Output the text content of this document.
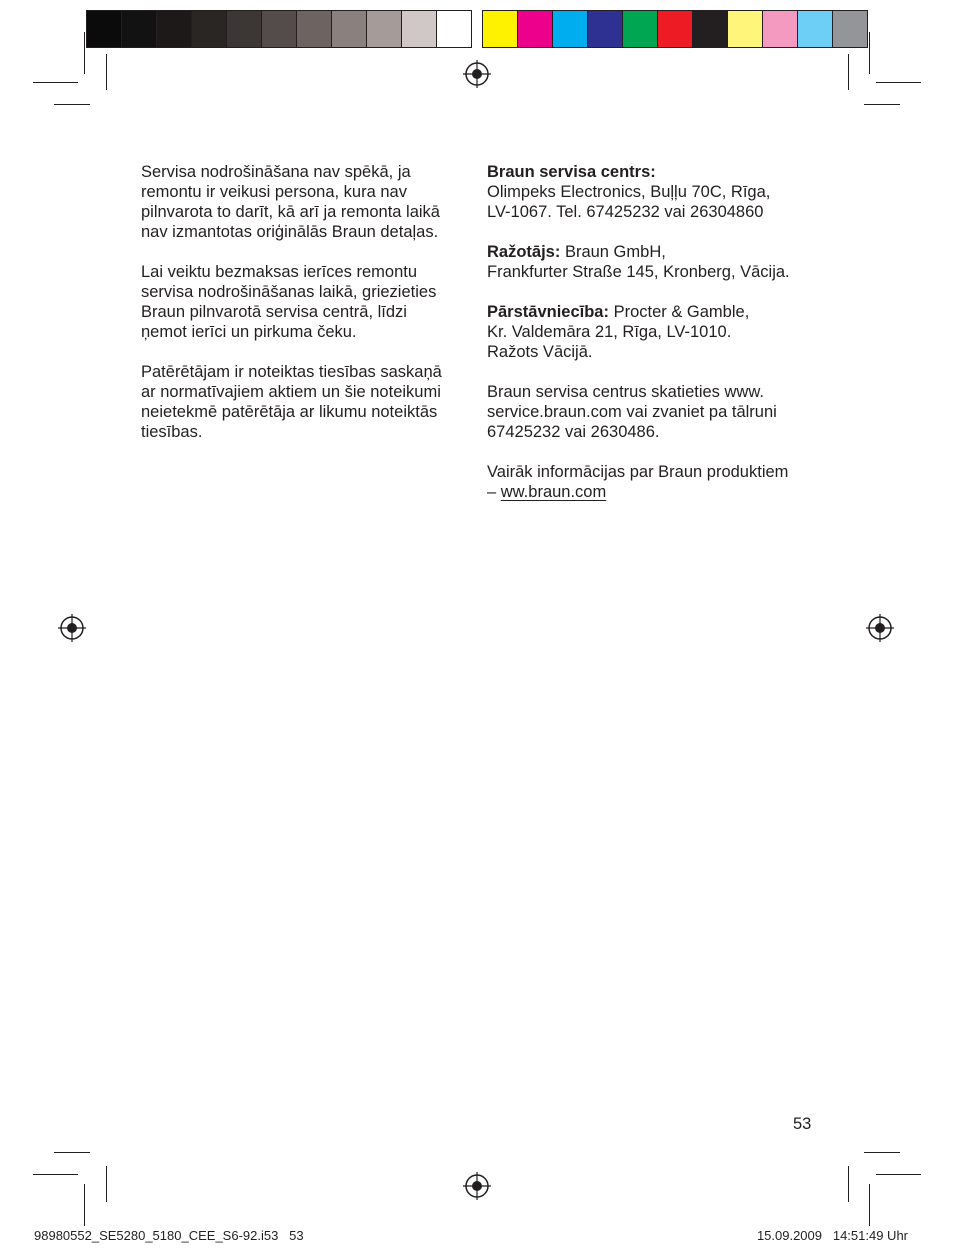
Servisa nodrošināšana nav spēkā, ja
remontu ir veikusi persona, kura nav
pilnvarota to darīt, kā arī ja remonta laikā
nav izmantotas oriģinālās Braun detaļas.

Lai veiktu bezmaksas ierīces remontu
servisa nodrošināšanas laikā, griezieties
Braun pilnvarotā servisa centrā, līdzi
ņemot ierīci un pirkuma čeku.

Patērētājam ir noteiktas tiesības saskaņā
ar normatīvajiem aktiem un šie noteikumi
neietekmē patērētāja ar likumu noteiktās
tiesības.

Braun servisa centrs:
Olimpeks Electronics, Buļļu 70C, Rīga,
LV-1067. Tel. 67425232 vai 26304860

Ražotājs: Braun GmbH,
Frankfurter Straße 145, Kronberg, Vācija.

Pārstāvniecība: Procter & Gamble,
Kr. Valdemāra 21, Rīga, LV-1010.
Ražots Vācijā.

Braun servisa centrus skatieties www.
service.braun.com vai zvaniet pa tālruni
67425232 vai 2630486.

Vairāk informācijas par Braun produktiem
– ww.braun.com

53
98980552_SE5280_5180_CEE_S6-92.i53   53	15.09.2009   14:51:49 Uhr
